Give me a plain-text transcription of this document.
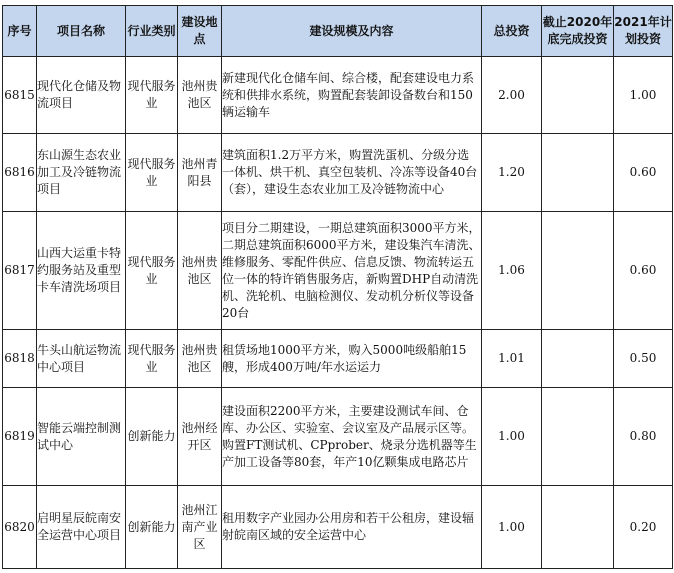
序号	项目名称	行业类别	建设地点	建设规模及内容	总投资	截止2020年底完成投资	2021年计划投资
6815	现代化仓储及物流项目	现代服务业	池州贵池区	新建现代化仓储车间、综合楼，配套建设电力系统和供排水系统，购置配套装卸设备数台和150辆运输车	2.00		1.00
6816	东山源生态农业加工及冷链物流项目	现代服务业	池州青阳县	建筑面积1.2万平方米，购置洗蛋机、分级分选一体机、烘干机、真空包装机、冷冻等设备40台（套），建设生态农业加工及冷链物流中心	1.20		0.60
6817	山西大运重卡特约服务站及重型卡车清洗场项目	现代服务业	池州贵池区	项目分二期建设，一期总建筑面积3000平方米，二期总建筑面积6000平方米，建设集汽车清洗、维修服务、零配件供应、信息反馈、物流转运五位一体的特许销售服务店，新购置DHP自动清洗机、洗轮机、电脑检测仪、发动机分析仪等设备20台	1.06		0.60
6818	牛头山航运物流中心项目	现代服务业	池州贵池区	租赁场地1000平方米，购入5000吨级船舶15艘，形成400万吨/年水运运力	1.01		0.50
6819	智能云端控制测试中心	创新能力	池州经开区	建设面积2200平方米，主要建设测试车间、仓库、办公区、实验室、会议室及产品展示区等。购置FT测试机、CPprober、烧录分选机器等生产加工设备等80套，年产10亿颗集成电路芯片	1.00		0.80
6820	启明星辰皖南安全运营中心项目	创新能力	池州江南产业区	租用数字产业园办公用房和若干公租房，建设辐射皖南区域的安全运营中心	1.00		0.20
